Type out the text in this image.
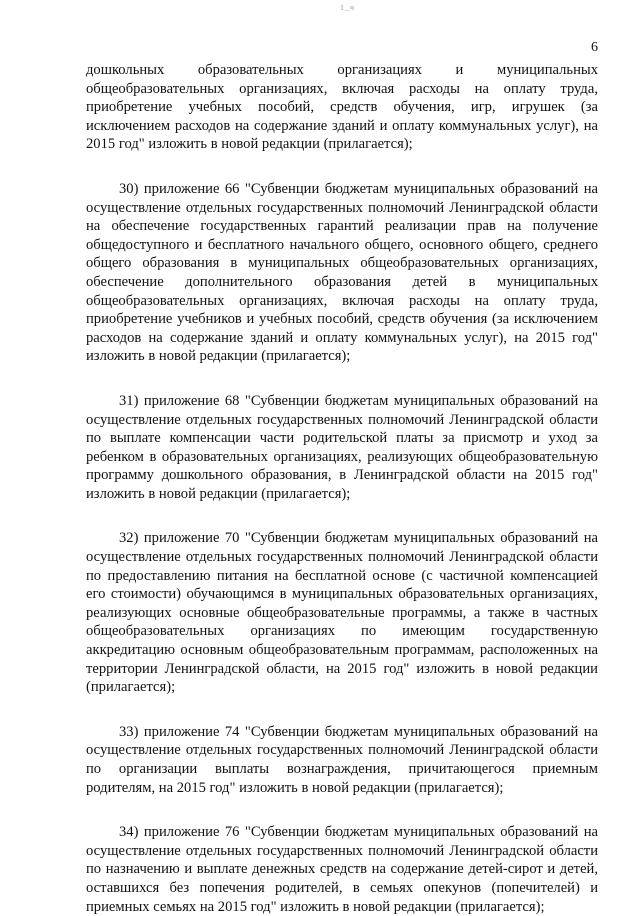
1_ч
6

дошкольных образовательных организациях и муниципальных общеобразовательных организациях, включая расходы на оплату труда, приобретение учебных пособий, средств обучения, игр, игрушек (за исключением расходов на содержание зданий и оплату коммунальных услуг), на 2015 год" изложить в новой редакции (прилагается);

30) приложение 66 "Субвенции бюджетам муниципальных образований на осуществление отдельных государственных полномочий Ленинградской области на обеспечение государственных гарантий реализации прав на получение общедоступного и бесплатного начального общего, основного общего, среднего общего образования в муниципальных общеобразовательных организациях, обеспечение дополнительного образования детей в муниципальных общеобразовательных организациях, включая расходы на оплату труда, приобретение учебников и учебных пособий, средств обучения (за исключением расходов на содержание зданий и оплату коммунальных услуг), на 2015 год" изложить в новой редакции (прилагается);

31) приложение 68 "Субвенции бюджетам муниципальных образований на осуществление отдельных государственных полномочий Ленинградской области по выплате компенсации части родительской платы за присмотр и уход за ребенком в образовательных организациях, реализующих общеобразовательную программу дошкольного образования, в Ленинградской области на 2015 год" изложить в новой редакции (прилагается);

32) приложение 70 "Субвенции бюджетам муниципальных образований на осуществление отдельных государственных полномочий Ленинградской области по предоставлению питания на бесплатной основе (с частичной компенсацией его стоимости) обучающимся в муниципальных образовательных организациях, реализующих основные общеобразовательные программы, а также в частных общеобразовательных организациях по имеющим государственную аккредитацию основным общеобразовательным программам, расположенных на территории Ленинградской области, на 2015 год" изложить в новой редакции (прилагается);

33) приложение 74 "Субвенции бюджетам муниципальных образований на осуществление отдельных государственных полномочий Ленинградской области по организации выплаты вознаграждения, причитающегося приемным родителям, на 2015 год" изложить в новой редакции (прилагается);

34) приложение 76 "Субвенции бюджетам муниципальных образований на осуществление отдельных государственных полномочий Ленинградской области по назначению и выплате денежных средств на содержание детей-сирот и детей, оставшихся без попечения родителей, в семьях опекунов (попечителей) и приемных семьях на 2015 год" изложить в новой редакции (прилагается);
